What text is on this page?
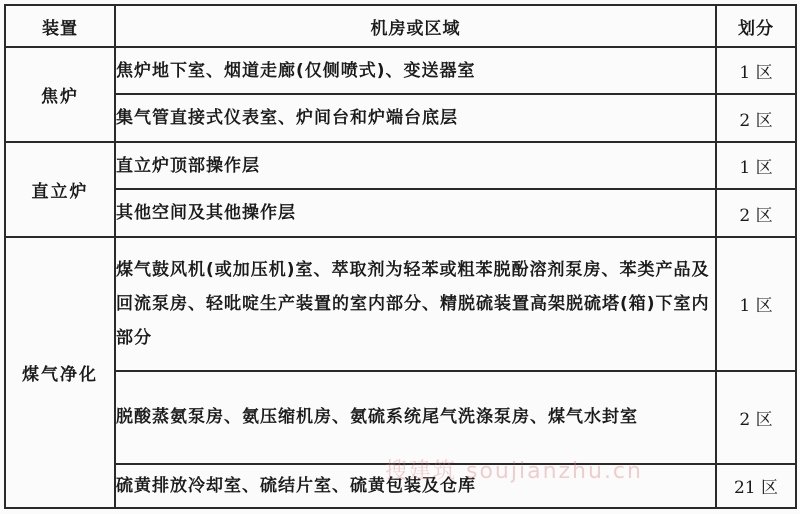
装置	机房或区域	划分
焦炉	焦炉地下室、烟道走廊(仅侧喷式)、变送器室	1 区
	集气管直接式仪表室、炉间台和炉端台底层	2 区
直立炉	直立炉顶部操作层	1 区
	其他空间及其他操作层	2 区
煤气净化	煤气鼓风机(或加压机)室、萃取剂为轻苯或粗苯脱酚溶剂泵房、苯类产品及回流泵房、轻吡啶生产装置的室内部分、精脱硫装置高架脱硫塔(箱)下室内部分	1 区
	脱酸蒸氨泵房、氨压缩机房、氨硫系统尾气洗涤泵房、煤气水封室	2 区
	硫黄排放冷却室、硫结片室、硫黄包装及仓库	21 区
搜建筑 soujianzhu.cn
